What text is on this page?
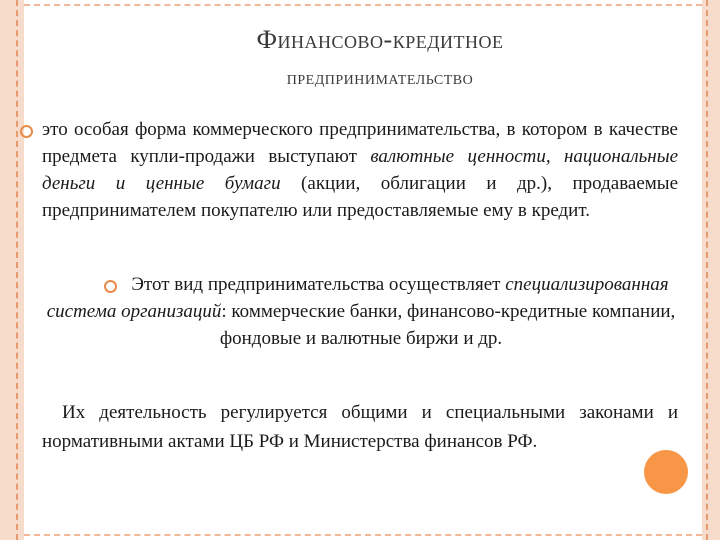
Финансово-кредитное
предпринимательство
это особая форма коммерческого предпринимательства, в котором в качестве предмета купли-продажи выступают валютные ценности, национальные деньги и ценные бумаги (акции, облигации и др.), продаваемые предпринимателем покупателю или предоставляемые ему в кредит.
Этот вид предпринимательства осуществляет специализированная система организаций: коммерческие банки, финансово-кредитные компании, фондовые и валютные биржи и др.
Их деятельность регулируется общими и специальными законами и нормативными актами ЦБ РФ и Министерства финансов РФ.
